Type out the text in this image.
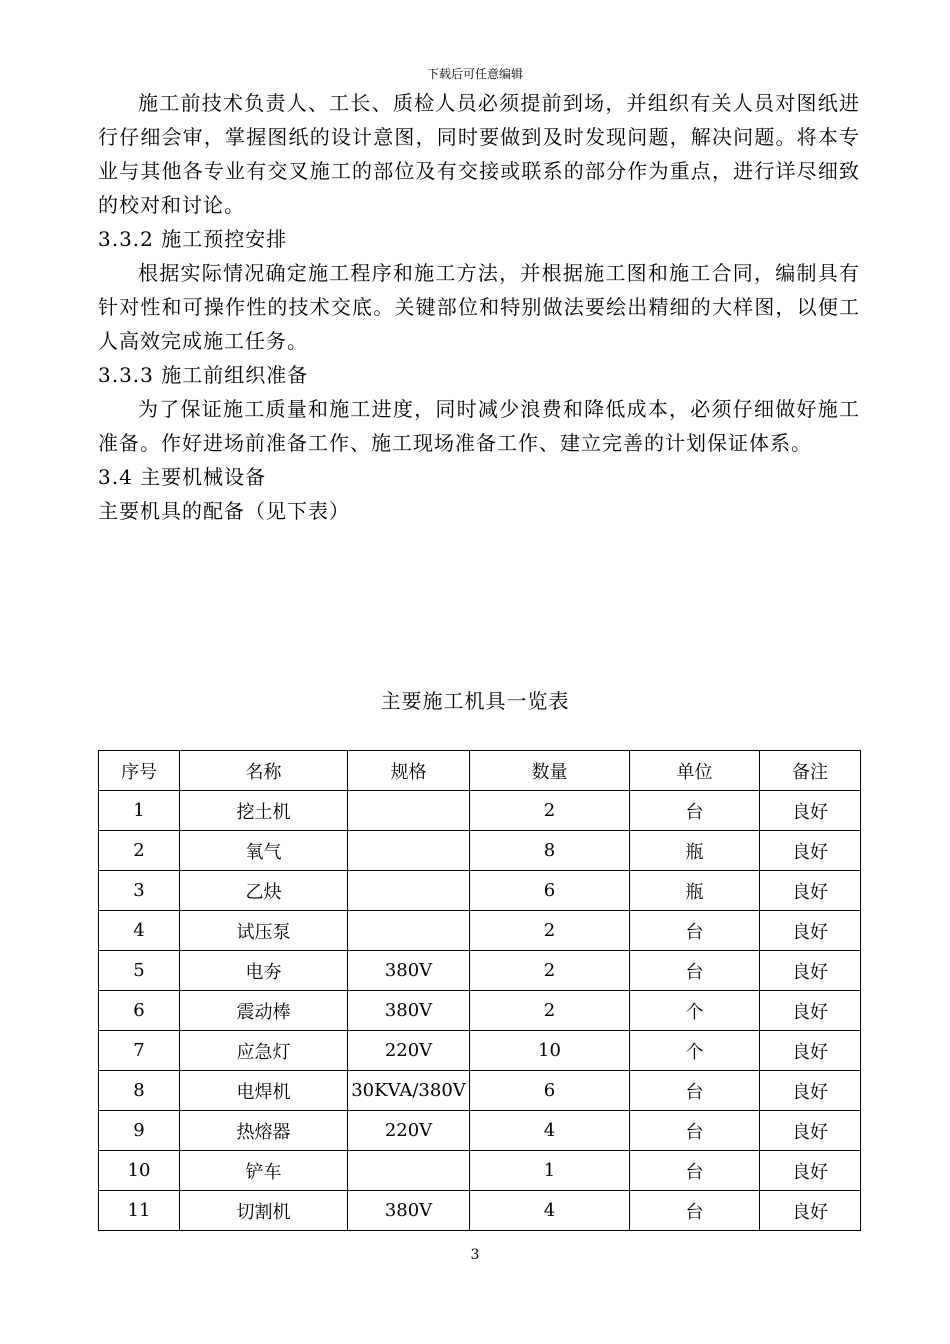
下载后可任意编辑

施工前技术负责人、工长、质检人员必须提前到场，并组织有关人员对图纸进行仔细会审，掌握图纸的设计意图，同时要做到及时发现问题，解决问题。将本专业与其他各专业有交叉施工的部位及有交接或联系的部分作为重点，进行详尽细致的校对和讨论。

3.3.2 施工预控安排

根据实际情况确定施工程序和施工方法，并根据施工图和施工合同，编制具有针对性和可操作性的技术交底。关键部位和特别做法要绘出精细的大样图，以便工人高效完成施工任务。

3.3.3 施工前组织准备

为了保证施工质量和施工进度，同时减少浪费和降低成本，必须仔细做好施工准备。作好进场前准备工作、施工现场准备工作、建立完善的计划保证体系。

3.4 主要机械设备

主要机具的配备（见下表）

主要施工机具一览表
序号	名称	规格	数量	单位	备注
1	挖土机		2	台	良好
2	氧气		8	瓶	良好
3	乙炔		6	瓶	良好
4	试压泵		2	台	良好
5	电夯	380V	2	台	良好
6	震动棒	380V	2	个	良好
7	应急灯	220V	10	个	良好
8	电焊机	30KVA/380V	6	台	良好
9	热熔器	220V	4	台	良好
10	铲车		1	台	良好
11	切割机	380V	4	台	良好
3
